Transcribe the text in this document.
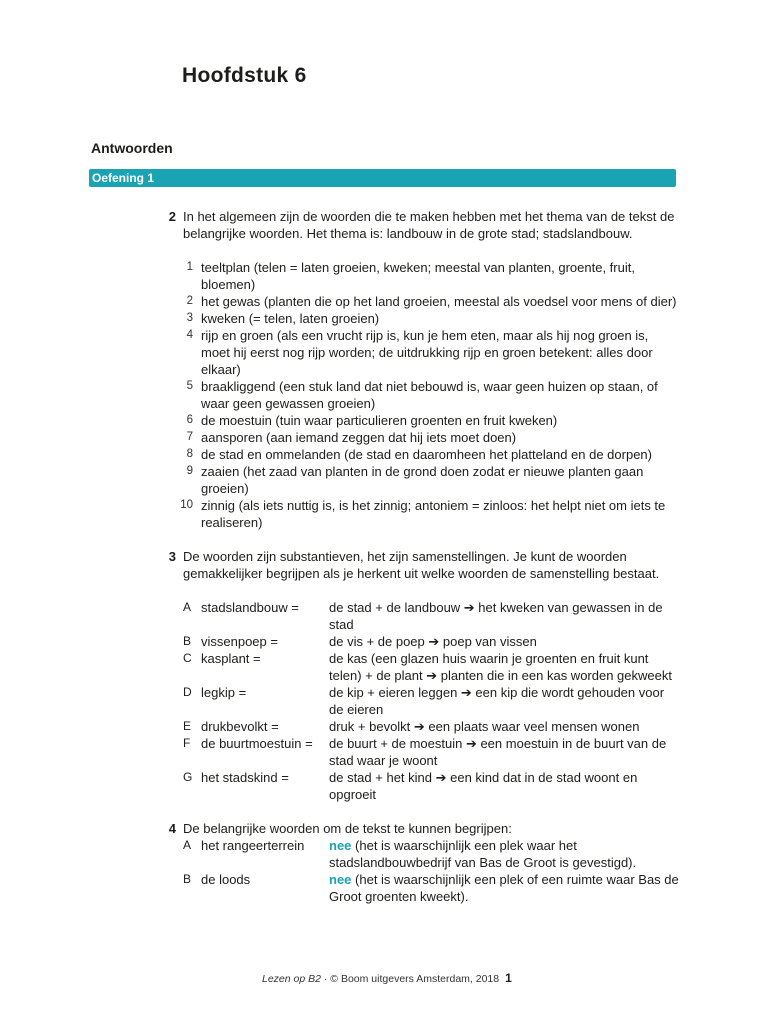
Hoofdstuk 6
Antwoorden
Oefening 1
2 In het algemeen zijn de woorden die te maken hebben met het thema van de tekst de belangrijke woorden. Het thema is: landbouw in de grote stad; stadslandbouw.
1 teeltplan (telen = laten groeien, kweken; meestal van planten, groente, fruit, bloemen)
2 het gewas (planten die op het land groeien, meestal als voedsel voor mens of dier)
3 kweken (= telen, laten groeien)
4 rijp en groen (als een vrucht rijp is, kun je hem eten, maar als hij nog groen is, moet hij eerst nog rijp worden; de uitdrukking rijp en groen betekent: alles door elkaar)
5 braakliggend (een stuk land dat niet bebouwd is, waar geen huizen op staan, of waar geen gewassen groeien)
6 de moestuin (tuin waar particulieren groenten en fruit kweken)
7 aansporen (aan iemand zeggen dat hij iets moet doen)
8 de stad en ommelanden (de stad en daaromheen het platteland en de dorpen)
9 zaaien (het zaad van planten in de grond doen zodat er nieuwe planten gaan groeien)
10 zinnig (als iets nuttig is, is het zinnig; antoniem = zinloos: het helpt niet om iets te realiseren)
3 De woorden zijn substantieven, het zijn samenstellingen. Je kunt de woorden gemakkelijker begrijpen als je herkent uit welke woorden de samenstelling bestaat.
A stadslandbouw =	de stad + de landbouw ➔ het kweken van gewassen in de stad
B vissenpoep =	de vis + de poep ➔ poep van vissen
C kasplant =	de kas (een glazen huis waarin je groenten en fruit kunt telen) + de plant ➔ planten die in een kas worden gekweekt
D legkip =	de kip + eieren leggen ➔ een kip die wordt gehouden voor de eieren
E drukbevolkt =	druk + bevolkt ➔ een plaats waar veel mensen wonen
F de buurtmoestuin =	de buurt + de moestuin ➔ een moestuin in de buurt van de stad waar je woont
G het stadskind =	de stad + het kind ➔ een kind dat in de stad woont en opgroeit
4 De belangrijke woorden om de tekst te kunnen begrijpen:
A het rangeerterrein	nee (het is waarschijnlijk een plek waar het stadslandbouwbedrijf van Bas de Groot is gevestigd).
B de loods	nee (het is waarschijnlijk een plek of een ruimte waar Bas de Groot groenten kweekt).
Lezen op B2 · © Boom uitgevers Amsterdam, 2018 1
